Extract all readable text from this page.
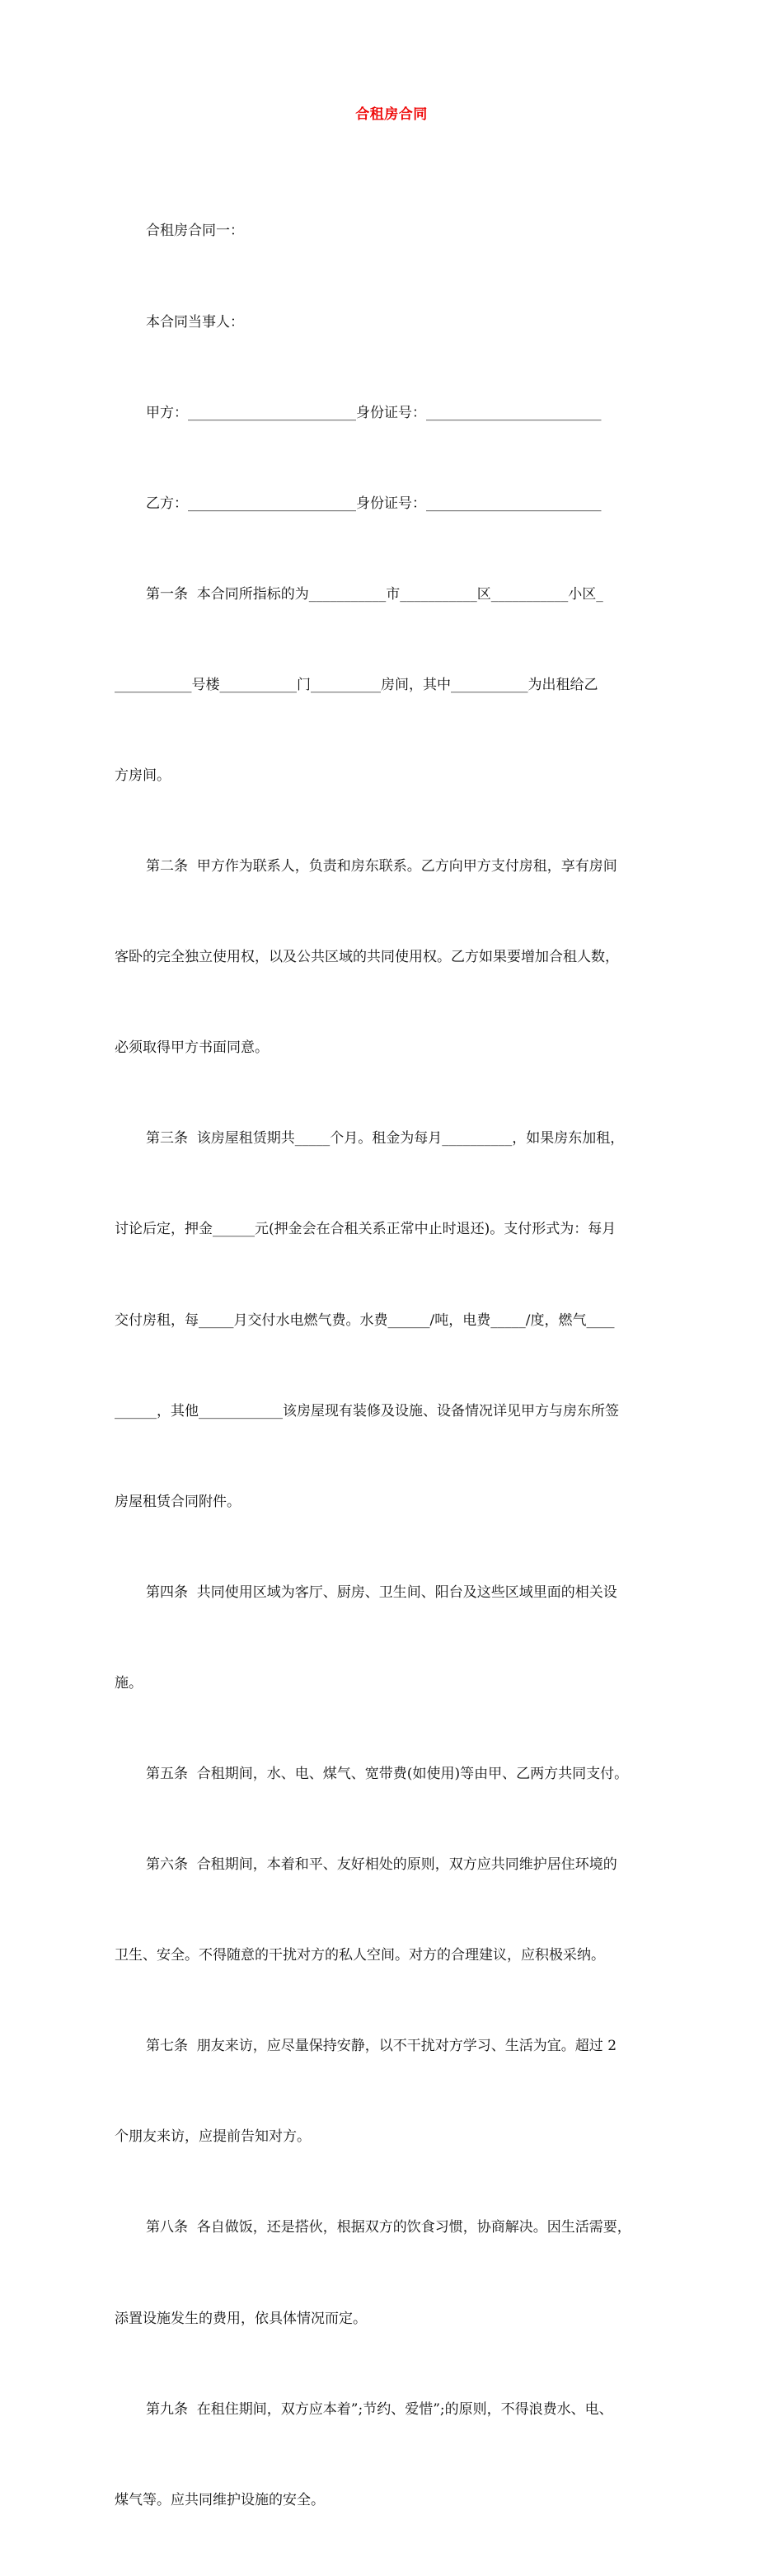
合租房合同

合租房合同一：

本合同当事人：

甲方：________________________身份证号：_________________________

乙方：________________________身份证号：_________________________

第一条  本合同所指标的为___________市___________区___________小区_

___________号楼___________门__________房间，其中___________为出租给乙

方房间。

第二条  甲方作为联系人，负责和房东联系。乙方向甲方支付房租，享有房间

客卧的完全独立使用权，以及公共区域的共同使用权。乙方如果要增加合租人数，

必须取得甲方书面同意。

第三条  该房屋租赁期共_____个月。租金为每月__________，如果房东加租，

讨论后定，押金______元(押金会在合租关系正常中止时退还)。支付形式为：每月

交付房租，每_____月交付水电燃气费。水费______/吨，电费_____/度，燃气____

______，其他____________该房屋现有装修及设施、设备情况详见甲方与房东所签

房屋租赁合同附件。

第四条  共同使用区域为客厅、厨房、卫生间、阳台及这些区域里面的相关设

施。

第五条  合租期间，水、电、煤气、宽带费(如使用)等由甲、乙两方共同支付。

第六条  合租期间，本着和平、友好相处的原则，双方应共同维护居住环境的

卫生、安全。不得随意的干扰对方的私人空间。对方的合理建议，应积极采纳。

第七条  朋友来访，应尽量保持安静，以不干扰对方学习、生活为宜。超过 2

个朋友来访，应提前告知对方。

第八条  各自做饭，还是搭伙，根据双方的饮食习惯，协商解决。因生活需要，

添置设施发生的费用，依具体情况而定。

第九条  在租住期间，双方应本着”;节约、爱惜”;的原则，不得浪费水、电、

煤气等。应共同维护设施的安全。
